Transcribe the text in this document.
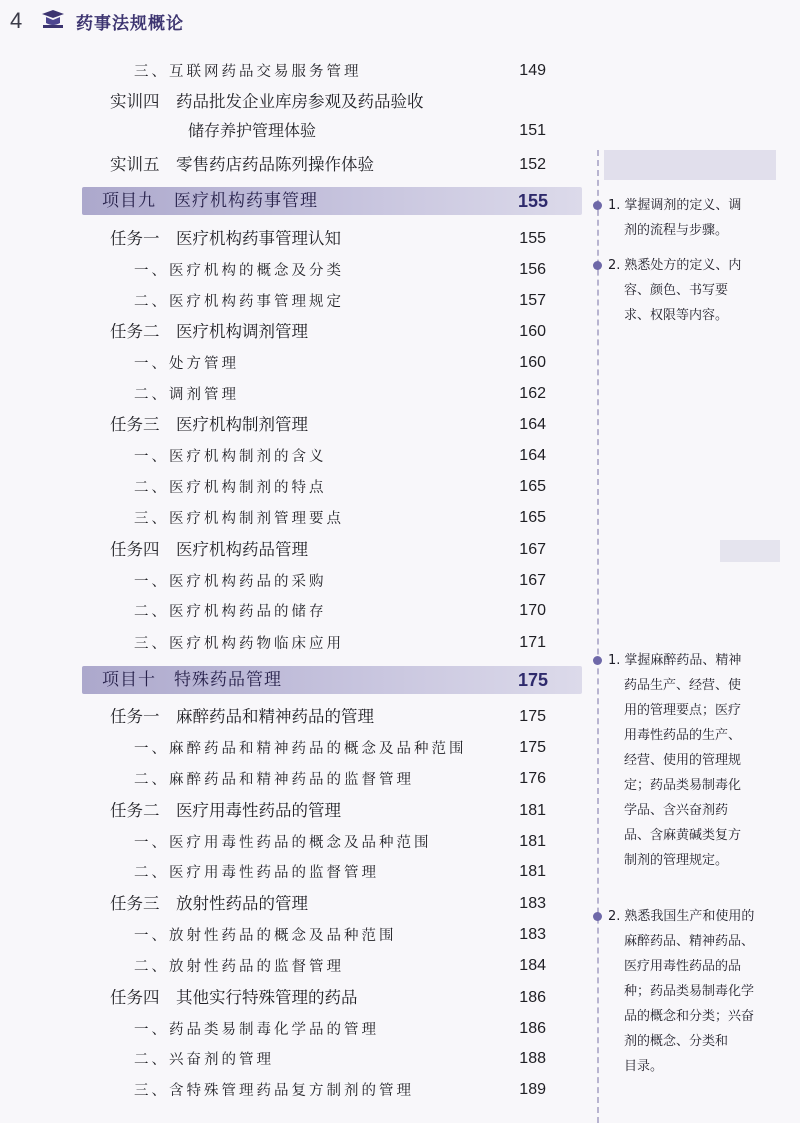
4	药事法规概论
三、互联网药品交易服务管理	149
实训四　药品批发企业库房参观及药品验收
储存养护管理体验	151
实训五　零售药店药品陈列操作体验	152
项目九　医疗机构药事管理	155
任务一　医疗机构药事管理认知	155
一、医疗机构的概念及分类	156
二、医疗机构药事管理规定	157
任务二　医疗机构调剂管理	160
一、处方管理	160
二、调剂管理	162
任务三　医疗机构制剂管理	164
一、医疗机构制剂的含义	164
二、医疗机构制剂的特点	165
三、医疗机构制剂管理要点	165
任务四　医疗机构药品管理	167
一、医疗机构药品的采购	167
二、医疗机构药品的储存	170
三、医疗机构药物临床应用	171
项目十　特殊药品管理	175
任务一　麻醉药品和精神药品的管理	175
一、麻醉药品和精神药品的概念及品种范围	175
二、麻醉药品和精神药品的监督管理	176
任务二　医疗用毒性药品的管理	181
一、医疗用毒性药品的概念及品种范围	181
二、医疗用毒性药品的监督管理	181
任务三　放射性药品的管理	183
一、放射性药品的概念及品种范围	183
二、放射性药品的监督管理	184
任务四　其他实行特殊管理的药品	186
一、药品类易制毒化学品的管理	186
二、兴奋剂的管理	188
三、含特殊管理药品复方制剂的管理	189
1. 掌握调剂的定义、调
剂的流程与步骤。
2. 熟悉处方的定义、内
容、颜色、书写要
求、权限等内容。
1. 掌握麻醉药品、精神
药品生产、经营、使
用的管理要点；医疗
用毒性药品的生产、
经营、使用的管理规
定；药品类易制毒化
学品、含兴奋剂药
品、含麻黄碱类复方
制剂的管理规定。
2. 熟悉我国生产和使用的
麻醉药品、精神药品、
医疗用毒性药品的品
种；药品类易制毒化学
品的概念和分类；兴奋
剂的概念、分类和
目录。
